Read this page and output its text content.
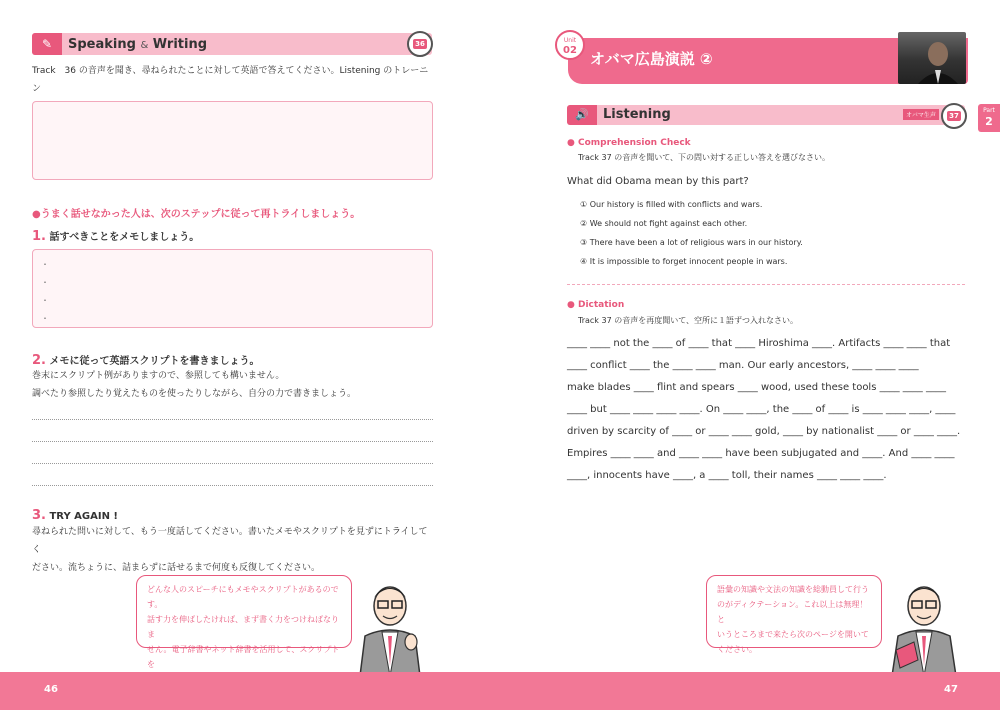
✎	Speaking & Writing	36
Track　36 の音声を聞き、尋ねられたことに対して英語で答えてください。Listening のトレーニン
●うまく話せなかった人は、次のステップに従って再トライしましょう。
1. 話すべきことをメモしましょう。
・
・
・
・
2. メモに従って英語スクリプトを書きましょう。
巻末にスクリプト例がありますので、参照しても構いません。
調べたり参照したり覚えたものを使ったりしながら、自分の力で書きましょう。
3. TRY AGAIN !
尋ねられた問いに対して、もう一度話してください。書いたメモやスクリプトを見ずにトライしてく
ださい。流ちょうに、詰まらずに話せるまで何度も反復してください。
どんな人のスピーチにもメモやスクリプトがあるのです。
話す力を伸ばしたければ、まず書く力をつけねばなりま
せん。電子辞書やネット辞書を活用して、スクリプトを
Unit
02 オバマ広島演説 ②
🔊	Listening	オバマ生声	37
Part
2
● Comprehension Check
Track 37 の音声を聞いて、下の問い対する正しい答えを選びなさい。
What did Obama mean by this part?
① Our history is filled with conflicts and wars.
② We should not fight against each other.
③ There have been a lot of religious wars in our history.
④ It is impossible to forget innocent people in wars.
● Dictation
Track 37 の音声を再度聞いて、空所に１語ずつ入れなさい。
____ ____ not the ____ of ____ that ____ Hiroshima ____. Artifacts ____ ____ that
____ conflict ____ the ____ ____ man. Our early ancestors, ____ ____ ____
make blades ____ flint and spears ____ wood, used these tools ____ ____ ____
____ but ____ ____ ____ ____. On ____ ____, the ____ of ____ is ____ ____ ____, ____
driven by scarcity of ____ or ____ ____ gold, ____ by nationalist ____ or ____ ____.
Empires ____ ____ and ____ ____ have been subjugated and ____. And ____ ____
____, innocents have ____, a ____ toll, their names ____ ____ ____.
語彙の知識や文法の知識を総動員して行う
のがディクテーション。これ以上は無理！と
いうところまで来たら次のページを開いて
ください。
46	47
